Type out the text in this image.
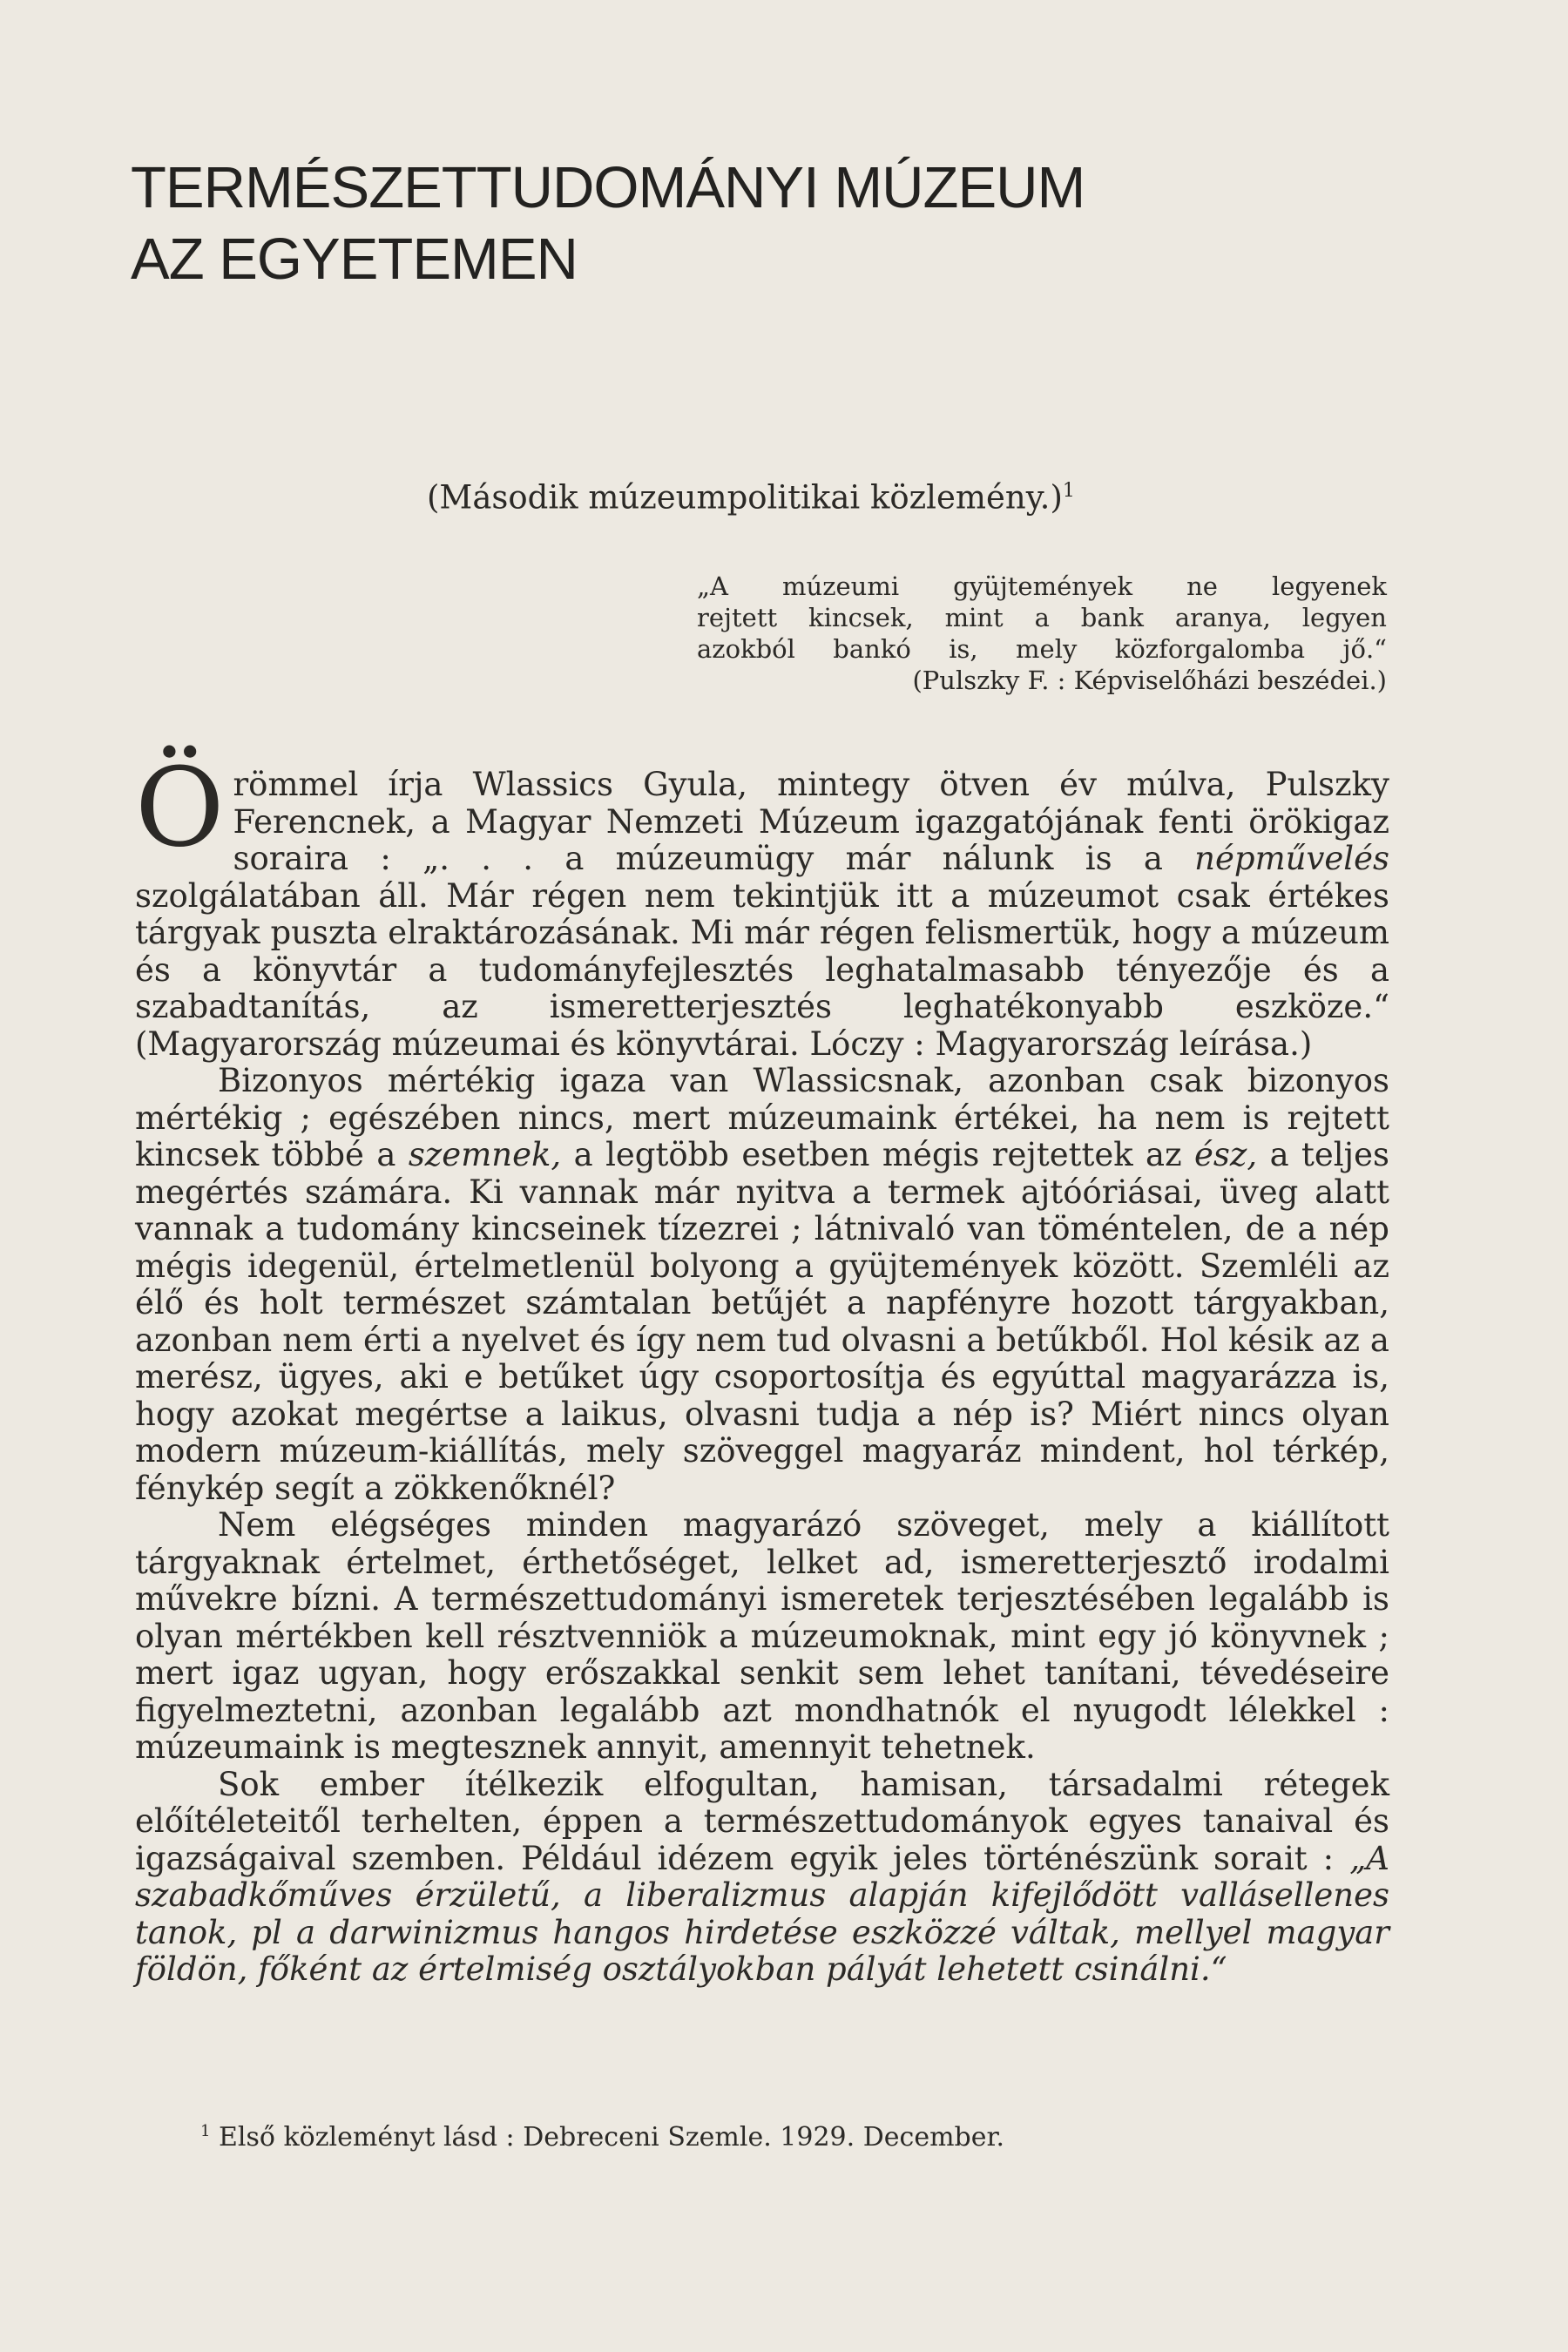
TERMÉSZETTUDOMÁNYI MÚZEUM
AZ EGYETEMEN
(Második múzeumpolitikai közlemény.)$^1$
„A múzeumi gyüjtemények ne legyenek
rejtett kincsek, mint a bank aranya, legyen
azokból bankó is, mely közforgalomba jő.“
(Pulszky F. : Képviselőházi beszédei.)

Örömmel írja Wlassics Gyula, mintegy ötven év múlva, Pulszky Ferencnek, a Magyar Nemzeti Múzeum igazgatójának fenti örökigaz soraira : „. . . a múzeumügy már nálunk is a népművelés szolgálatában áll. Már régen nem tekintjük itt a múzeumot csak értékes tárgyak puszta elraktározásának. Mi már régen felismertük, hogy a múzeum és a könyvtár a tudományfejlesztés leghatalmasabb tényezője és a szabadtanítás, az ismeretterjesztés leghatékonyabb eszköze.“ (Magyarország múzeumai és könyvtárai. Lóczy : Magyarország leírása.)

Bizonyos mértékig igaza van Wlassicsnak, azonban csak bizonyos mértékig ; egészében nincs, mert múzeumaink értékei, ha nem is rejtett kincsek többé a szemnek, a legtöbb esetben mégis rejtettek az ész, a teljes megértés számára. Ki vannak már nyitva a termek ajtóóriásai, üveg alatt vannak a tudomány kincseinek tízezrei ; látnivaló van töméntelen, de a nép mégis idegenül, értelmetlenül bolyong a gyüjtemények között. Szemléli az élő és holt természet számtalan betűjét a napfényre hozott tárgyakban, azonban nem érti a nyelvet és így nem tud olvasni a betűkből. Hol késik az a merész, ügyes, aki e betűket úgy csoportosítja és egyúttal magyarázza is, hogy azokat megértse a laikus, olvasni tudja a nép is? Miért nincs olyan modern múzeum-kiállítás, mely szöveggel magyaráz mindent, hol térkép, fénykép segít a zökkenőknél?

Nem elégséges minden magyarázó szöveget, mely a kiállított tárgyaknak értelmet, érthetőséget, lelket ad, ismeretterjesztő irodalmi művekre bízni. A természettudományi ismeretek terjesztésében legalább is olyan mértékben kell résztvenniök a múzeumoknak, mint egy jó könyvnek ; mert igaz ugyan, hogy erőszakkal senkit sem lehet tanítani, tévedéseire figyelmeztetni, azonban legalább azt mondhatnók el nyugodt lélekkel : múzeumaink is megtesznek annyit, amennyit tehetnek.

Sok ember ítélkezik elfogultan, hamisan, társadalmi rétegek előítéleteitől terhelten, éppen a természettudományok egyes tanaival és igazságaival szemben. Például idézem egyik jeles történészünk sorait : „A szabadkőműves érzületű, a liberalizmus alapján kifejlődött vallásellenes tanok, pl a darwinizmus hangos hirdetése eszközzé váltak, mellyel magyar földön, főként az értelmiség osztályokban pályát lehetett csinálni.“

$^1$ Első közleményt lásd : Debreceni Szemle. 1929. December.
